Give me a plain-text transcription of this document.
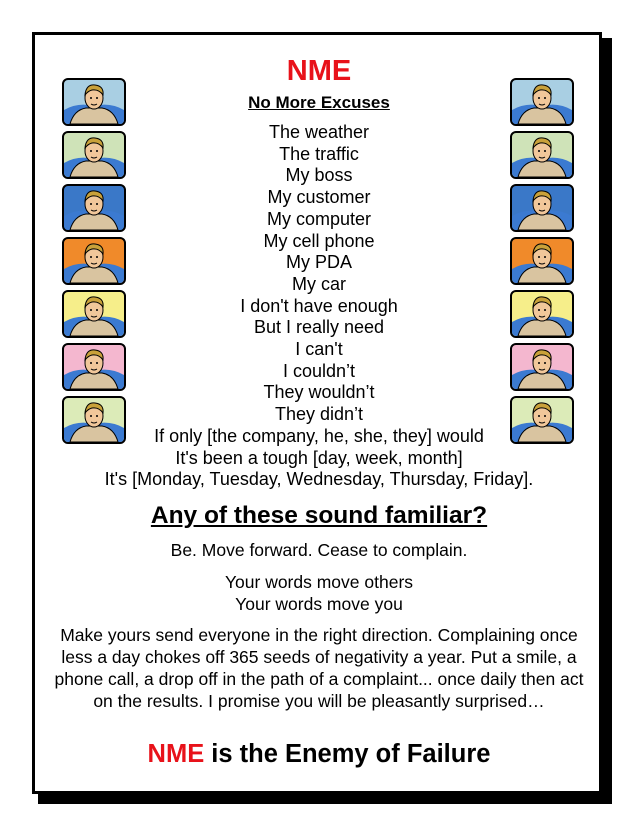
NME
No More Excuses
The weather
The traffic
My boss
My customer
My computer
My cell phone
My PDA
My car
I don't have enough
But I really need
I can't
I couldn’t
They wouldn’t
They didn’t
If only [the company, he, she, they] would
It's been a tough [day, week, month]
It's [Monday, Tuesday, Wednesday, Thursday, Friday].
Any of these sound familiar?
Be. Move forward. Cease to complain.
Your words move others
Your words move you
Make yours send everyone in the right direction. Complaining once less a day chokes off 365 seeds of negativity a year. Put a smile, a phone call, a drop off in the path of a complaint... once daily then act on the results. I promise you will be pleasantly surprised…
NME is the Enemy of Failure
